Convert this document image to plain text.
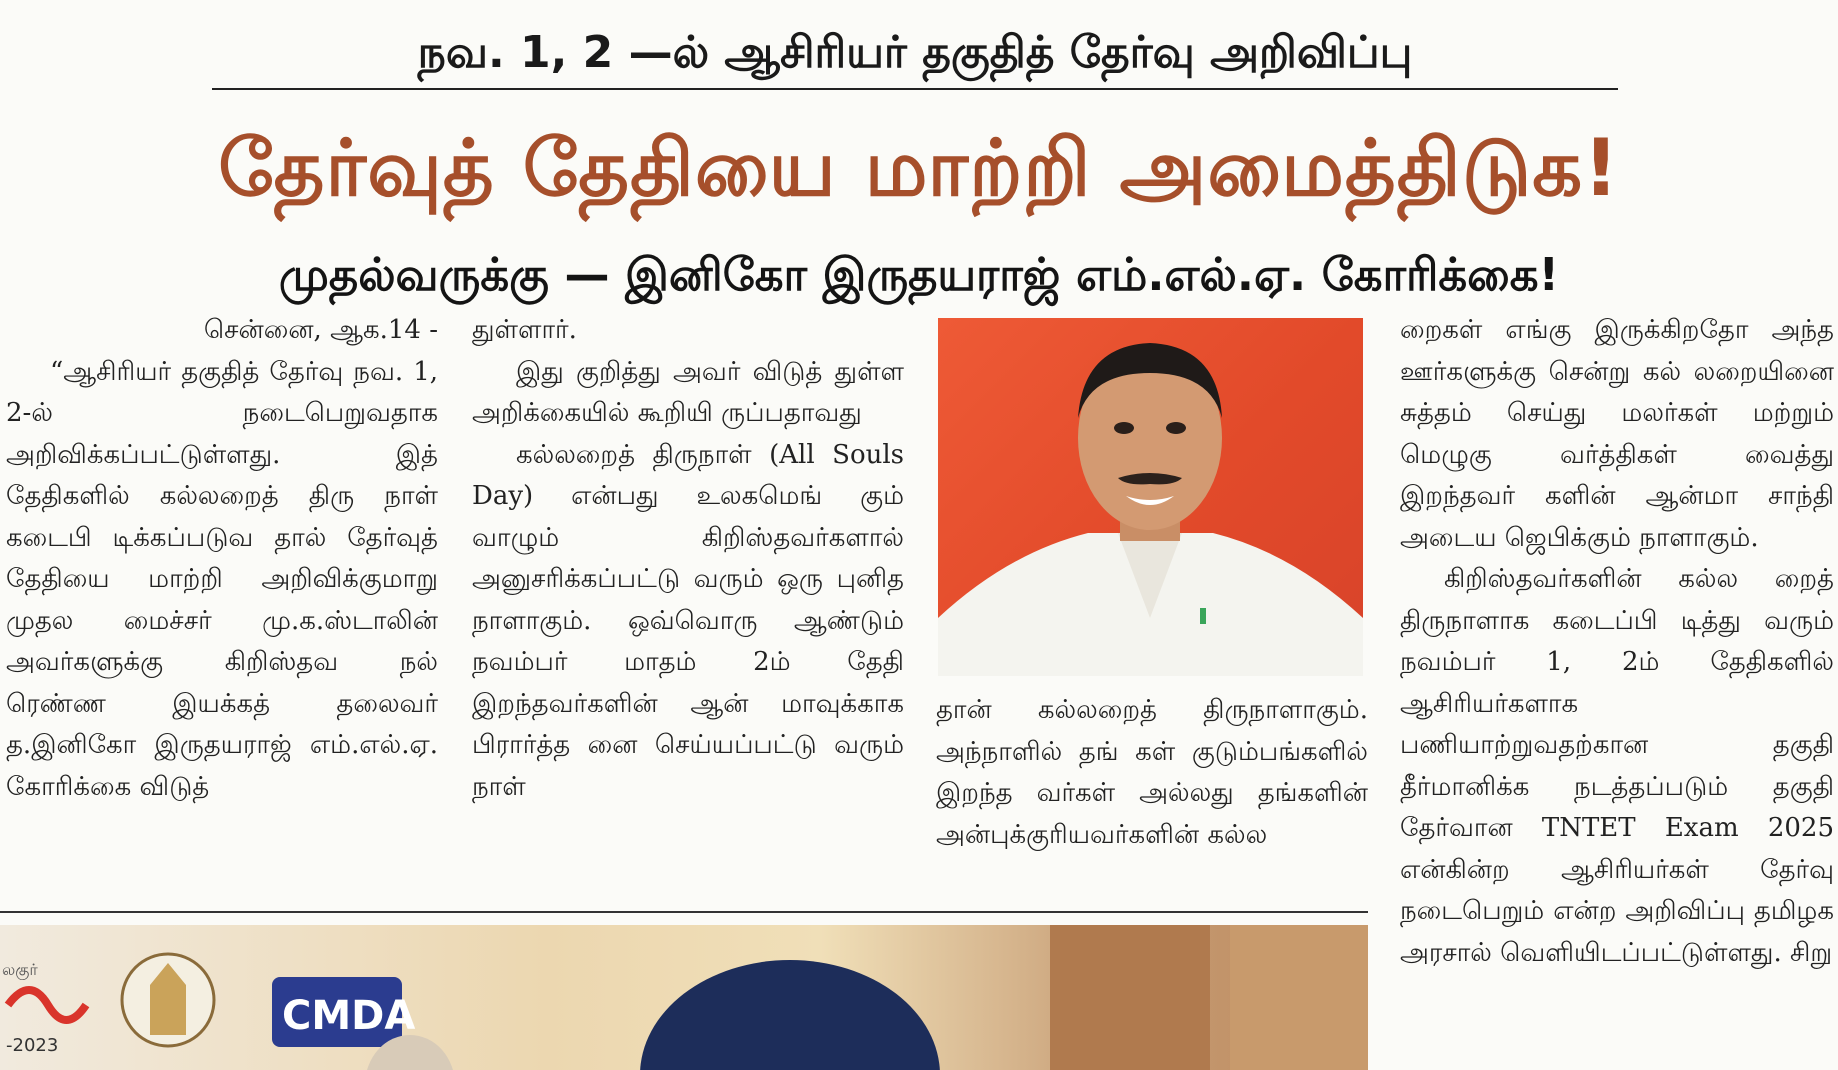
நவ. 1, 2 —ல் ஆசிரியர் தகுதித் தேர்வு அறிவிப்பு
தேர்வுத் தேதியை மாற்றி அமைத்திடுக!
முதல்வருக்கு — இனிகோ இருதயராஜ் எம்.எல்.ஏ. கோரிக்கை!

சென்னை, ஆக.14 -

“ஆசிரியர் தகுதித் தேர்வு நவ. 1, 2-ல் நடைபெறுவதாக அறிவிக்கப்பட்டுள்ளது. இத் தேதிகளில் கல்லறைத் திரு நாள் கடைபி டிக்கப்படுவ தால் தேர்வுத் தேதியை மாற்றி அறிவிக்குமாறு முதல மைச்சர் மு.க.ஸ்டாலின் அவர்களுக்கு கிறிஸ்தவ நல் ரெண்ண இயக்கத் தலைவர் த.இனிகோ இருதயராஜ் எம்.எல்.ஏ. கோரிக்கை விடுத்

துள்ளார்.

இது குறித்து அவர் விடுத் துள்ள அறிக்கையில் கூறியி ருப்பதாவது

கல்லறைத் திருநாள் (All Souls Day) என்பது உலகமெங் கும் வாழும் கிறிஸ்தவர்களால் அனுசரிக்கப்பட்டு வரும் ஒரு புனித நாளாகும். ஒவ்வொரு ஆண்டும் நவம்பர் மாதம் 2ம் தேதி இறந்தவர்களின் ஆன் மாவுக்காக பிரார்த்த னை செய்யப்பட்டு வரும் நாள்

தான் கல்லறைத் திருநாளாகும். அந்நாளில் தங் கள் குடும்பங்களில் இறந்த வர்கள் அல்லது தங்களின் அன்புக்குரியவர்களின் கல்ல

றைகள் எங்கு இருக்கிறதோ அந்த ஊர்களுக்கு சென்று கல் லறையினை சுத்தம் செய்து மலர்கள் மற்றும் மெழுகு வர்த்திகள் வைத்து இறந்தவர் களின் ஆன்மா சாந்தி அடைய ஜெபிக்கும் நாளாகும்.

கிறிஸ்தவர்களின் கல்ல றைத் திருநாளாக கடைப்பி டித்து வரும் நவம்பர் 1, 2ம் தேதிகளில் ஆசிரியர்களாக பணியாற்றுவதற்கான தகுதி தீர்மானிக்க நடத்தப்படும் தகுதி தேர்வான TNTET Exam 2025 என்கின்ற ஆசிரியர்கள் தேர்வு நடைபெறும் என்ற அறிவிப்பு தமிழக அரசால் வெளியிடப்பட்டுள்ளது. சிறு

லகுர்
-2023
CMDA
